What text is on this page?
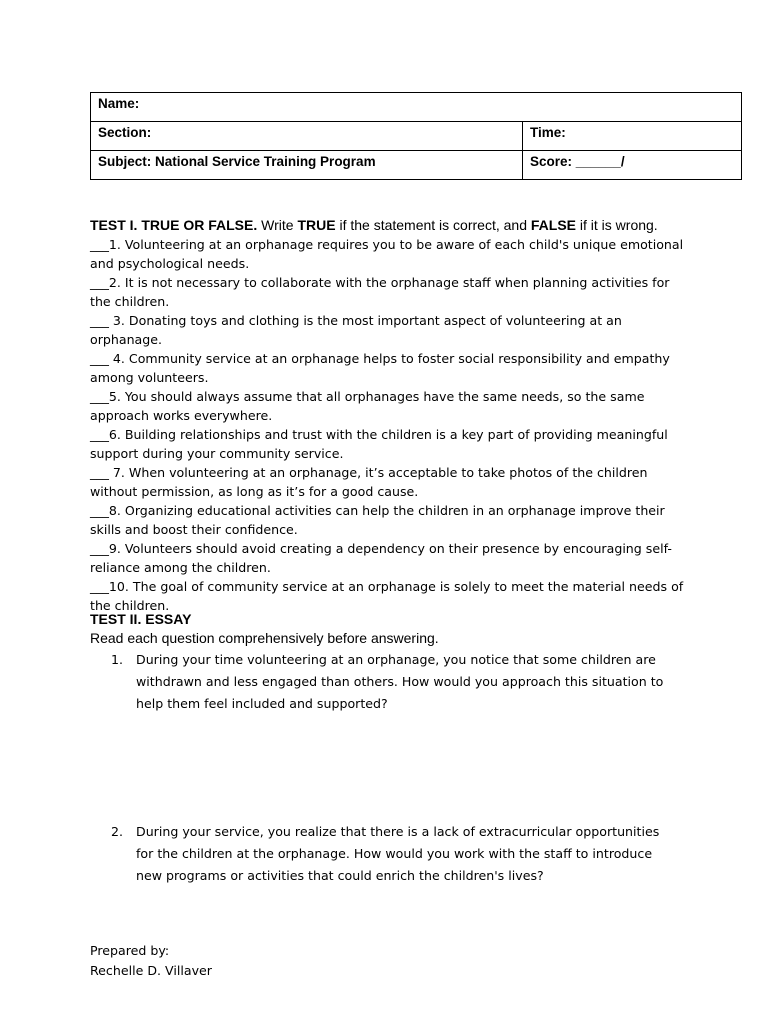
Name:	
Section:	Time:
Subject: National Service Training Program	Score: ______/

TEST I. TRUE OR FALSE. Write TRUE if the statement is correct, and FALSE if it is wrong.

___1. Volunteering at an orphanage requires you to be aware of each child's unique emotional and psychological needs.

___2. It is not necessary to collaborate with the orphanage staff when planning activities for the children.

___ 3. Donating toys and clothing is the most important aspect of volunteering at an orphanage.

___ 4. Community service at an orphanage helps to foster social responsibility and empathy among volunteers.

___5. You should always assume that all orphanages have the same needs, so the same approach works everywhere.

___6. Building relationships and trust with the children is a key part of providing meaningful support during your community service.

___ 7. When volunteering at an orphanage, it’s acceptable to take photos of the children without permission, as long as it’s for a good cause.

___8. Organizing educational activities can help the children in an orphanage improve their skills and boost their confidence.

___9. Volunteers should avoid creating a dependency on their presence by encouraging self-reliance among the children.

___10. The goal of community service at an orphanage is solely to meet the material needs of the children.

TEST II. ESSAY
Read each question comprehensively before answering.
1.	During your time volunteering at an orphanage, you notice that some children are withdrawn and less engaged than others. How would you approach this situation to help them feel included and supported?
2.	During your service, you realize that there is a lack of extracurricular opportunities for the children at the orphanage. How would you work with the staff to introduce new programs or activities that could enrich the children's lives?
Prepared by:
Rechelle D. Villaver
